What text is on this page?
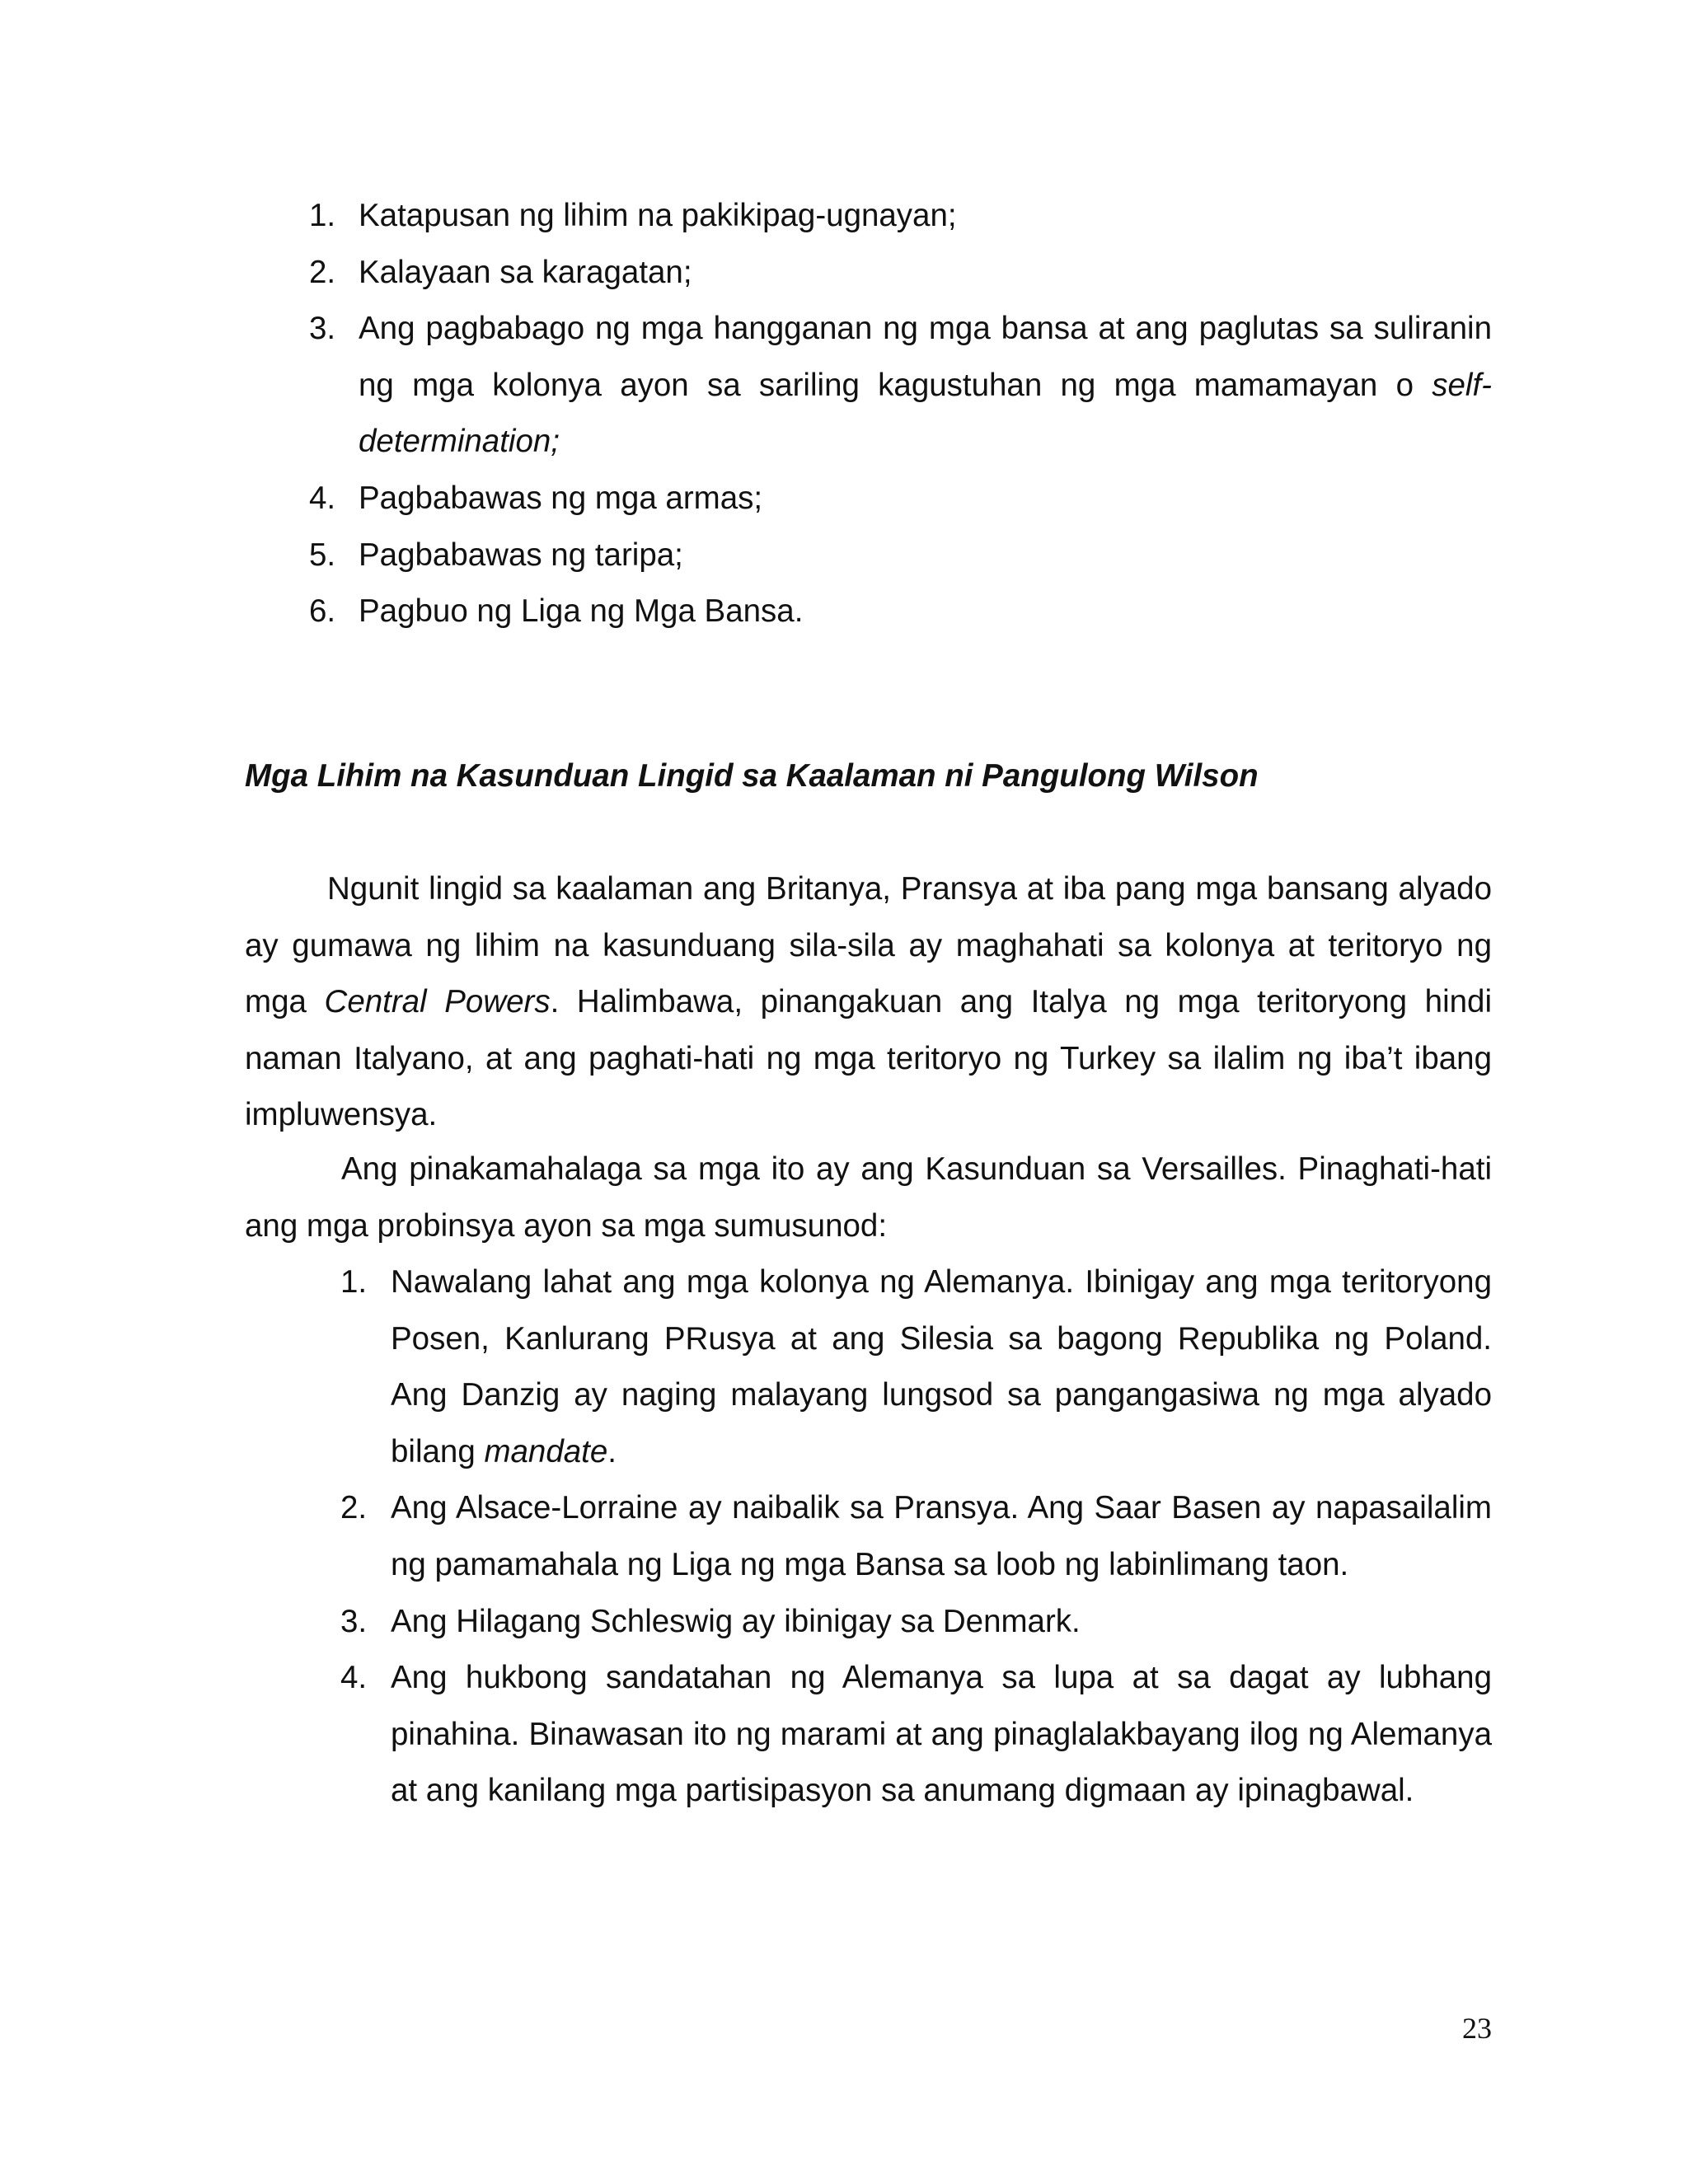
1. Katapusan ng lihim na pakikipag-ugnayan;
2. Kalayaan sa karagatan;
3. Ang pagbabago ng mga hangganan ng mga bansa at ang paglutas sa suliranin ng mga kolonya ayon sa sariling kagustuhan ng mga mamamayan o self-determination;
4. Pagbabawas ng mga armas;
5. Pagbabawas ng taripa;
6. Pagbuo ng Liga ng Mga Bansa.
Mga Lihim na Kasunduan Lingid sa Kaalaman ni Pangulong Wilson

Ngunit lingid sa kaalaman ang Britanya, Pransya at iba pang mga bansang alyado ay gumawa ng lihim na kasunduang sila-sila ay maghahati sa kolonya at teritoryo ng mga Central Powers. Halimbawa, pinangakuan ang Italya ng mga teritoryong hindi naman Italyano, at ang paghati-hati ng mga teritoryo ng Turkey sa ilalim ng iba’t ibang impluwensya.

Ang pinakamahalaga sa mga ito ay ang Kasunduan sa Versailles. Pinaghati-hati ang mga probinsya ayon sa mga sumusunod:

1. Nawalang lahat ang mga kolonya ng Alemanya. Ibinigay ang mga teritoryong Posen, Kanlurang PRusya at ang Silesia sa bagong Republika ng Poland. Ang Danzig ay naging malayang lungsod sa pangangasiwa ng mga alyado bilang mandate.
2. Ang Alsace-Lorraine ay naibalik sa Pransya. Ang Saar Basen ay napasailalim ng pamamahala ng Liga ng mga Bansa sa loob ng labinlimang taon.
3. Ang Hilagang Schleswig ay ibinigay sa Denmark.
4. Ang hukbong sandatahan ng Alemanya sa lupa at sa dagat ay lubhang pinahina. Binawasan ito ng marami at ang pinaglalakbayang ilog ng Alemanya at ang kanilang mga partisipasyon sa anumang digmaan ay ipinagbawal.
23
